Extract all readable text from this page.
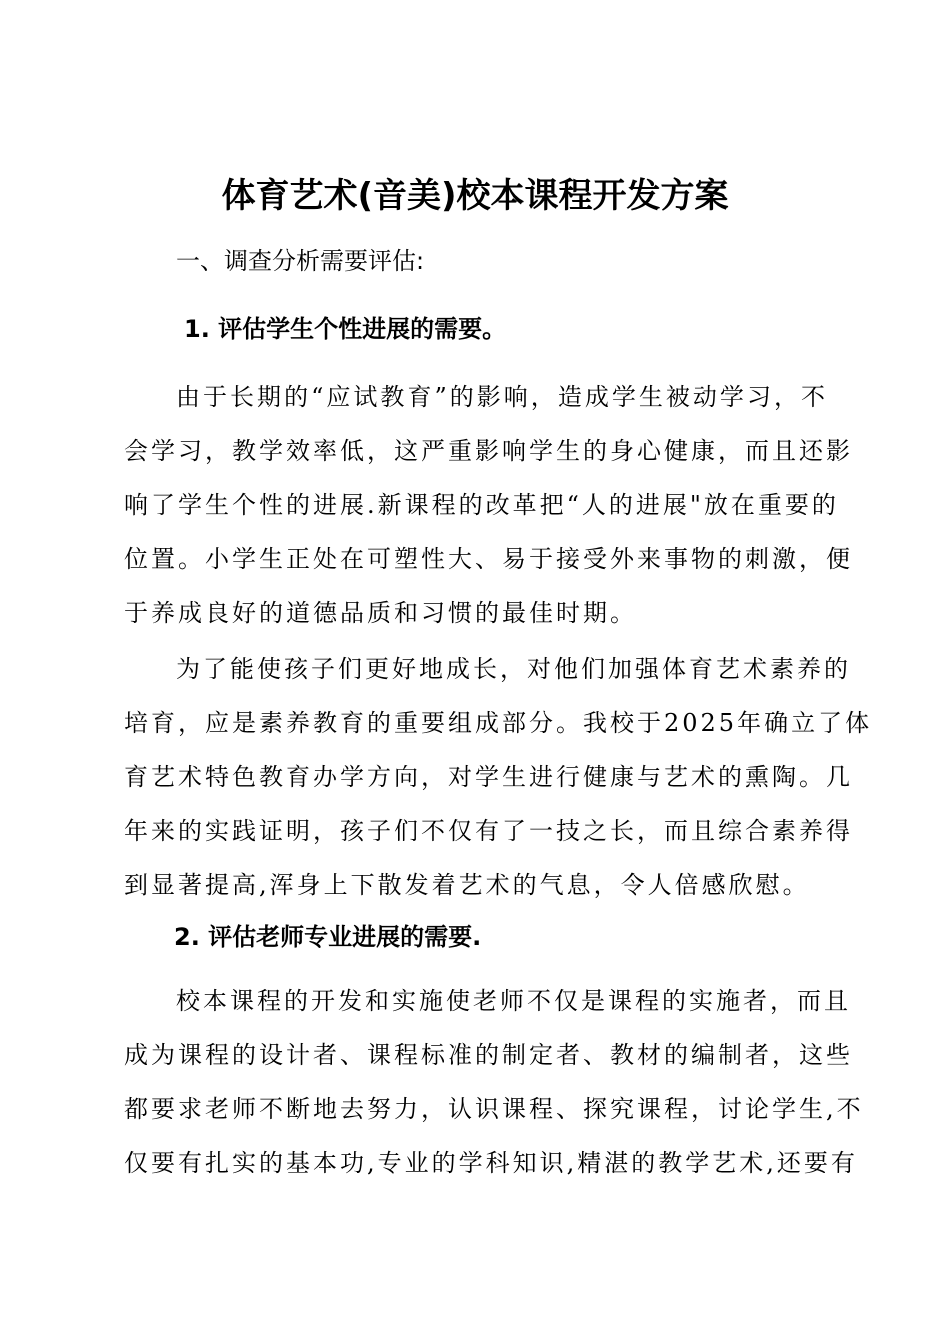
体育艺术(音美)校本课程开发方案
一、调查分析需要评估:
1. 评估学生个性进展的需要。
由于长期的“应试教育”的影响，造成学生被动学习，不
会学习，教学效率低，这严重影响学生的身心健康，而且还影
响了学生个性的进展.新课程的改革把“人的进展"放在重要的
位置。小学生正处在可塑性大、易于接受外来事物的刺激，便
于养成良好的道德品质和习惯的最佳时期。
为了能使孩子们更好地成长，对他们加强体育艺术素养的
培育，应是素养教育的重要组成部分。我校于2025年确立了体
育艺术特色教育办学方向，对学生进行健康与艺术的熏陶。几
年来的实践证明，孩子们不仅有了一技之长，而且综合素养得
到显著提高,浑身上下散发着艺术的气息，令人倍感欣慰。
2. 评估老师专业进展的需要.
校本课程的开发和实施使老师不仅是课程的实施者，而且
成为课程的设计者、课程标准的制定者、教材的编制者，这些
都要求老师不断地去努力，认识课程、探究课程，讨论学生,不
仅要有扎实的基本功,专业的学科知识,精湛的教学艺术,还要有
